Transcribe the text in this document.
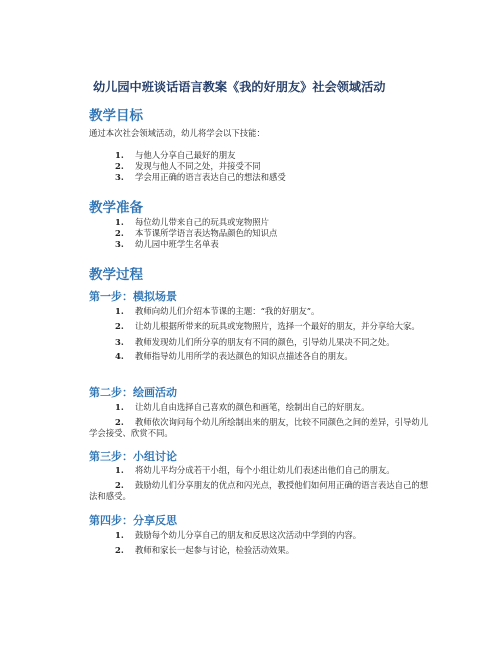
幼儿园中班谈话语言教案《我的好朋友》社会领域活动
教学目标

通过本次社会领域活动，幼儿将学会以下技能：

1.	与他人分享自己最好的朋友
2.	发现与他人不同之处，并接受不同
3.	学会用正确的语言表达自己的想法和感受
教学准备
1.	每位幼儿带来自己的玩具或宠物照片
2.	本节课所学语言表达物品颜色的知识点
3.	幼儿园中班学生名单表
教学过程
第一步：模拟场景
1.	教师向幼儿们介绍本节课的主题：“我的好朋友”。
2.	让幼儿根据所带来的玩具或宠物照片，选择一个最好的朋友，并分享给大家。
3.	教师发现幼儿们所分享的朋友有不同的颜色，引导幼儿果决不同之处。
4.	教师指导幼儿用所学的表达颜色的知识点描述各自的朋友。
第二步：绘画活动
1.	让幼儿自由选择自己喜欢的颜色和画笔，绘制出自己的好朋友。
2.	教师依次询问每个幼儿所绘制出来的朋友，比较不同颜色之间的差异，引导幼儿学会接受、欣赏不同。
第三步：小组讨论
1.	将幼儿平均分成若干小组，每个小组让幼儿们表述出他们自己的朋友。
2.	鼓励幼儿们分享朋友的优点和闪光点，教授他们如何用正确的语言表达自己的想法和感受。
第四步：分享反思
1.	鼓励每个幼儿分享自己的朋友和反思这次活动中学到的内容。
2.	教师和家长一起参与讨论，检验活动效果。
